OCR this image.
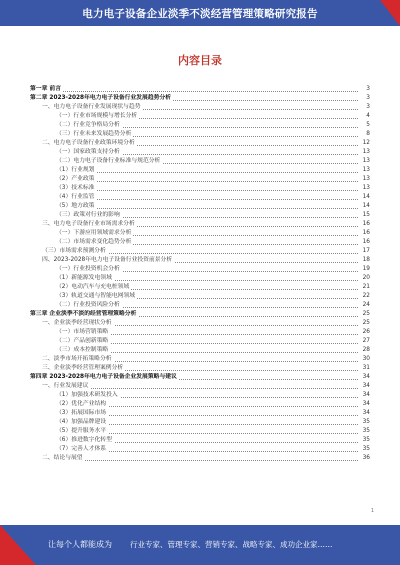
电力电子设备企业淡季不淡经营管理策略研究报告
内容目录
第一章 前言	3
第二章 2023-2028年电力电子设备行业发展趋势分析	3
一、电力电子设备行业发展现状与趋势	3
（一）行业市场规模与增长分析	4
（二）行业竞争格局分析	5
（三）行业未来发展趋势分析	8
二、电力电子设备行业政策环境分析	12
（一）国家政策支持分析	13
（二）电力电子设备行业标准与规范分析	13
（1）行业规划	13
（2）产业政策	13
（3）技术标准	13
（4）行业监管	14
（5）地方政策	14
（三）政策对行业的影响	15
三、电力电子设备行业市场需求分析	16
（一）下游应用领域需求分析	16
（二）市场需求变化趋势分析	16
（三）市场需求预测分析	17
四、2023-2028年电力电子设备行业投资前景分析	18
（一）行业投资机会分析	19
（1）新能源发电领域	20
（2）电动汽车与充电桩领域	21
（3）轨道交通与智能电网领域	22
（二）行业投资风险分析	24
第三章 企业淡季不淡的经营管理策略分析	25
一、企业淡季经营现状分析	25
（一）市场营销策略	26
（二）产品创新策略	27
（三）成本控制策略	28
二、淡季市场开拓策略分析	30
三、企业淡季经营管理案例分析	31
第四章 2023-2028年电力电子设备企业发展策略与建议	34
一、行业发展建议	34
（1）加强技术研发投入	34
（2）优化产业结构	34
（3）拓展国际市场	34
（4）加强品牌建设	35
（5）提升服务水平	35
（6）推进数字化转型	35
（7）完善人才体系	35
二、结论与展望	36
1
让每个人都能成为 行业专家、管理专家、营销专家、战略专家、成功企业家……
